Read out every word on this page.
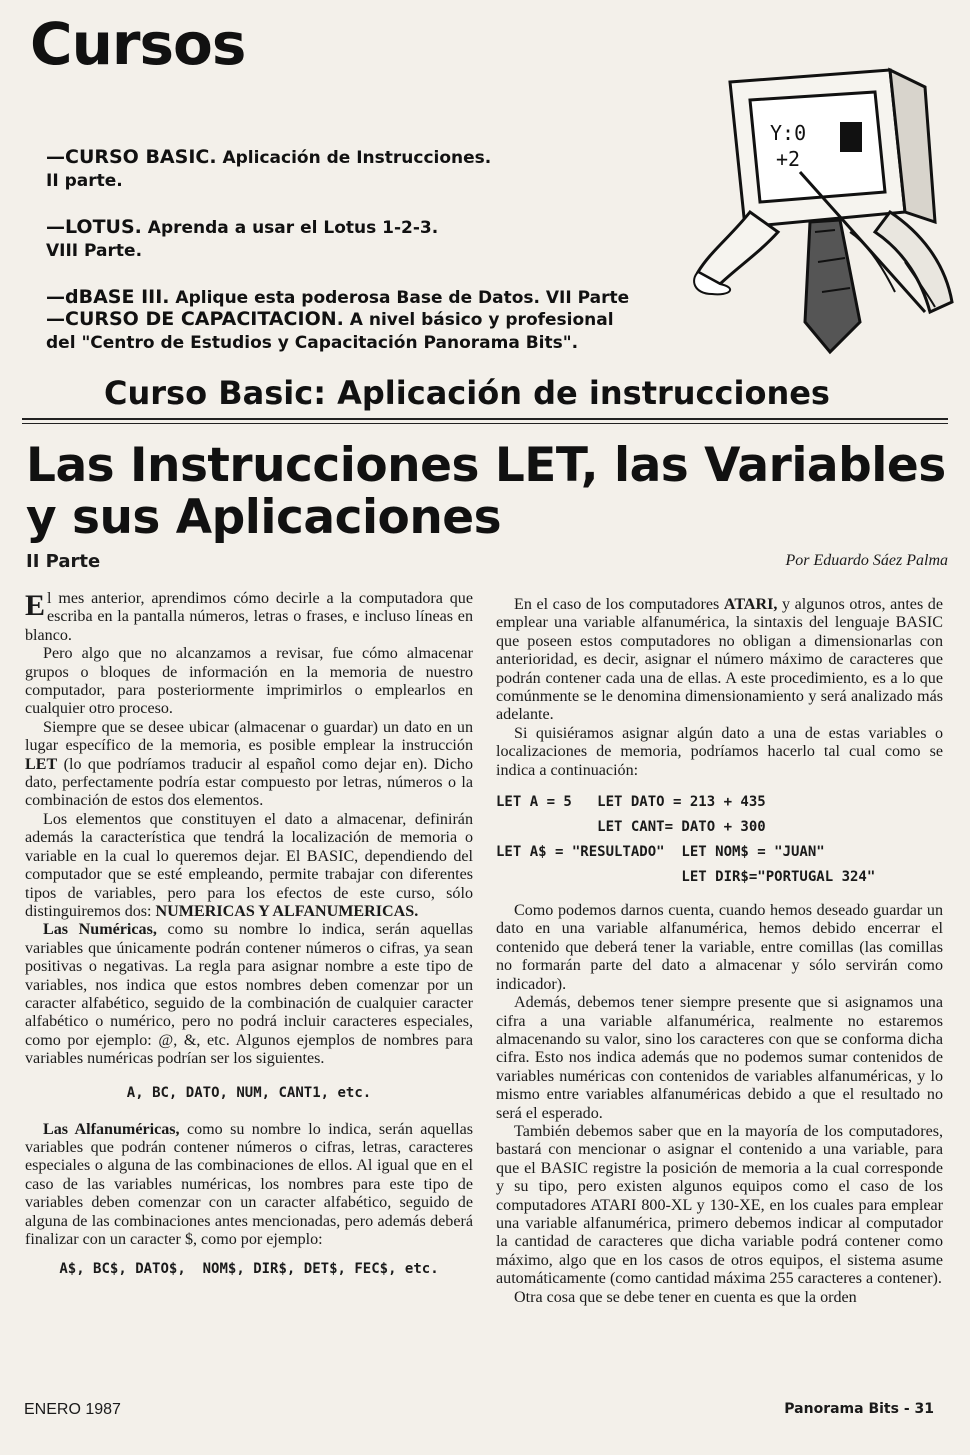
Cursos
—CURSO BASIC. Aplicación de Instrucciones.
II parte.
—LOTUS. Aprenda a usar el Lotus 1-2-3.
VIII Parte.
—dBASE III. Aplique esta poderosa Base de Datos. VII Parte
—CURSO DE CAPACITACION. A nivel básico y profesional
del "Centro de Estudios y Capacitación Panorama Bits".
Y:0
+2
Curso Basic: Aplicación de instrucciones
Las Instrucciones LET, las Variables y sus Aplicaciones
II Parte	Por Eduardo Sáez Palma

El mes anterior, aprendimos cómo decirle a la computadora que escriba en la pantalla números, letras o frases, e incluso líneas en blanco.

Pero algo que no alcanzamos a revisar, fue cómo almacenar grupos o bloques de información en la memoria de nuestro computador, para posteriormente imprimirlos o emplearlos en cualquier otro proceso.

Siempre que se desee ubicar (almacenar o guardar) un dato en un lugar específico de la memoria, es posible emplear la instrucción LET (lo que podríamos traducir al español como dejar en). Dicho dato, perfectamente podría estar compuesto por letras, números o la combinación de estos dos elementos.

Los elementos que constituyen el dato a almacenar, definirán además la característica que tendrá la localización de memoria o variable en la cual lo queremos dejar. El BASIC, dependiendo del computador que se esté empleando, permite trabajar con diferentes tipos de variables, pero para los efectos de este curso, sólo distinguiremos dos: NUMERICAS Y ALFANUMERICAS.

Las Numéricas, como su nombre lo indica, serán aquellas variables que únicamente podrán contener números o cifras, ya sean positivas o negativas. La regla para asignar nombre a este tipo de variables, nos indica que estos nombres deben comenzar por un caracter alfabético, seguido de la combinación de cualquier caracter alfabético o numérico, pero no podrá incluir caracteres especiales, como por ejemplo: @, &, etc. Algunos ejemplos de nombres para variables numéricas podrían ser los siguientes.

A, BC, DATO, NUM, CANT1, etc.

Las Alfanuméricas, como su nombre lo indica, serán aquellas variables que podrán contener números o cifras, letras, caracteres especiales o alguna de las combinaciones de ellos. Al igual que en el caso de las variables numéricas, los nombres para este tipo de variables deben comenzar con un caracter alfabético, seguido de alguna de las combinaciones antes mencionadas, pero además deberá finalizar con un caracter $, como por ejemplo:

A$, BC$, DATO$,  NOM$, DIR$, DET$, FEC$, etc.

En el caso de los computadores ATARI, y algunos otros, antes de emplear una variable alfanumérica, la sintaxis del lenguaje BASIC que poseen estos computadores no obligan a dimensionarlas con anterioridad, es decir, asignar el número máximo de caracteres que podrán contener cada una de ellas. A este procedimiento, es a lo que comúnmente se le denomina dimensionamiento y será analizado más adelante.

Si quisiéramos asignar algún dato a una de estas variables o localizaciones de memoria, podríamos hacerlo tal cual como se indica a continuación:

LET A = 5   LET DATO = 213 + 435
LET CANT= DATO + 300
LET A$ = "RESULTADO"  LET NOM$ = "JUAN"
LET DIR$="PORTUGAL 324"

Como podemos darnos cuenta, cuando hemos deseado guardar un dato en una variable alfanumérica, hemos debido encerrar el contenido que deberá tener la variable, entre comillas (las comillas no formarán parte del dato a almacenar y sólo servirán como indicador).

Además, debemos tener siempre presente que si asignamos una cifra a una variable alfanumérica, realmente no estaremos almacenando su valor, sino los caracteres con que se conforma dicha cifra. Esto nos indica además que no podemos sumar contenidos de variables numéricas con contenidos de variables alfanuméricas, y lo mismo entre variables alfanuméricas debido a que el resultado no será el esperado.

También debemos saber que en la mayoría de los computadores, bastará con mencionar o asignar el contenido a una variable, para que el BASIC registre la posición de memoria a la cual corresponde y su tipo, pero existen algunos equipos como el caso de los computadores ATARI 800-XL y 130-XE, en los cuales para emplear una variable alfanumérica, primero debemos indicar al computador la cantidad de caracteres que dicha variable podrá contener como máximo, algo que en los casos de otros equipos, el sistema asume automáticamente (como cantidad máxima 255 caracteres a contener).

Otra cosa que se debe tener en cuenta es que la orden

ENERO 1987	Panorama Bits - 31
